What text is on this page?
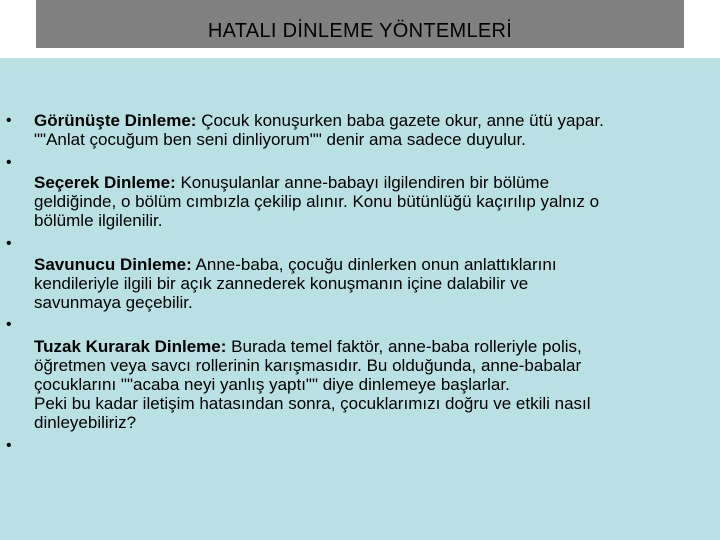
HATALI DİNLEME YÖNTEMLERİ
•
•
•
•
•
Görünüşte Dinleme: Çocuk konuşurken baba gazete okur, anne ütü yapar.
""Anlat çocuğum ben seni dinliyorum"" denir ama sadece duyulur.
Seçerek Dinleme: Konuşulanlar anne-babayı ilgilendiren bir bölüme
geldiğinde, o bölüm cımbızla çekilip alınır. Konu bütünlüğü kaçırılıp yalnız o
bölümle ilgilenilir.
Savunucu Dinleme: Anne-baba, çocuğu dinlerken onun anlattıklarını
kendileriyle ilgili bir açık zannederek konuşmanın içine dalabilir ve
savunmaya geçebilir.
Tuzak Kurarak Dinleme: Burada temel faktör, anne-baba rolleriyle polis,
öğretmen veya savcı rollerinin karışmasıdır. Bu olduğunda, anne-babalar
çocuklarını ""acaba neyi yanlış yaptı"" diye dinlemeye başlarlar.
Peki bu kadar iletişim hatasından sonra, çocuklarımızı doğru ve etkili nasıl
dinleyebiliriz?
